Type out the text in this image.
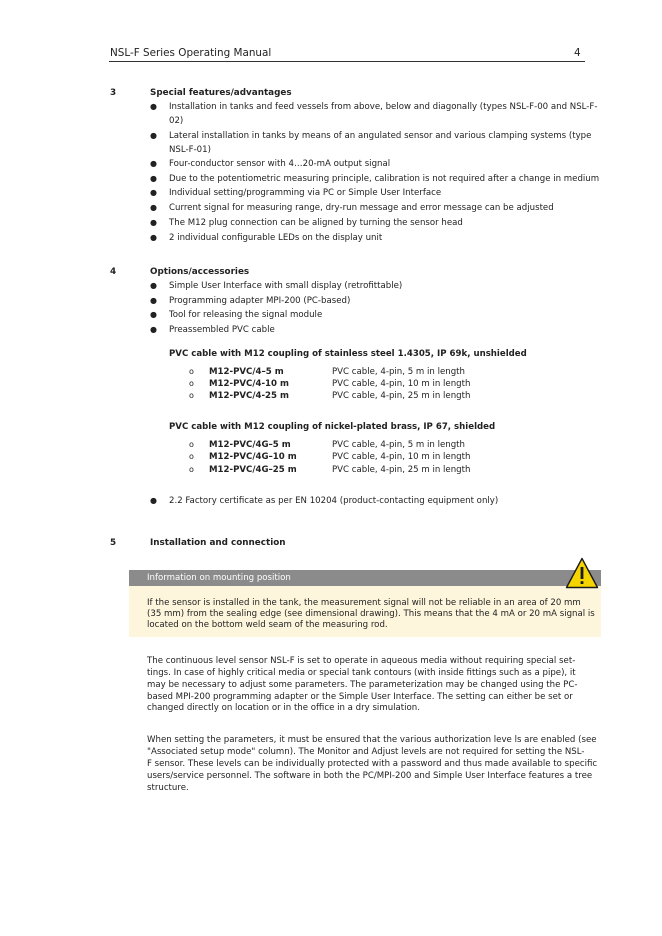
NSL-F Series Operating Manual	4
3	Special features/advantages
● Installation in tanks and feed vessels from above, below and diagonally (types NSL-F-00 and NSL-F-
02)
● Lateral installation in tanks by means of an angulated sensor and various clamping systems (type
NSL-F-01)
● Four-conductor sensor with 4…20-mA output signal
● Due to the potentiometric measuring principle, calibration is not required after a change in medium
● Individual setting/programming via PC or Simple User Interface
● Current signal for measuring range, dry-run message and error message can be adjusted
● The M12 plug connection can be aligned by turning the sensor head
● 2 individual configurable LEDs on the display unit
4	Options/accessories
● Simple User Interface with small display (retrofittable)
● Programming adapter MPI-200 (PC-based)
● Tool for releasing the signal module
● Preassembled PVC cable
PVC cable with M12 coupling of stainless steel 1.4305, IP 69k, unshielded
o M12-PVC/4–5 m	PVC cable, 4-pin, 5 m in length
o M12-PVC/4-10 m	PVC cable, 4-pin, 10 m in length
o M12-PVC/4-25 m	PVC cable, 4-pin, 25 m in length
PVC cable with M12 coupling of nickel-plated brass, IP 67, shielded
o M12-PVC/4G–5 m	PVC cable, 4-pin, 5 m in length
o M12-PVC/4G–10 m	PVC cable, 4-pin, 10 m in length
o M12-PVC/4G–25 m	PVC cable, 4-pin, 25 m in length
● 2.2 Factory certificate as per EN 10204 (product-contacting equipment only)
5	Installation and connection
Information on mounting position
If the sensor is installed in the tank, the measurement signal will not be reliable in an area of 20 mm
(35 mm) from the sealing edge (see dimensional drawing). This means that the 4 mA or 20 mA signal is
located on the bottom weld seam of the measuring rod.
The continuous level sensor NSL-F is set to operate in aqueous media without requiring special set-
tings. In case of highly critical media or special tank contours (with inside fittings such as a pipe), it
may be necessary to adjust some parameters. The parameterization may be changed using the PC-
based MPI-200 programming adapter or the Simple User Interface. The setting can either be set or
changed directly on location or in the office in a dry simulation.
When setting the parameters, it must be ensured that the various authorization leve ls are enabled (see
"Associated setup mode" column). The Monitor and Adjust levels are not required for setting the NSL-
F sensor. These levels can be individually protected with a password and thus made available to specific
users/service personnel. The software in both the PC/MPI-200 and Simple User Interface features a tree
structure.
